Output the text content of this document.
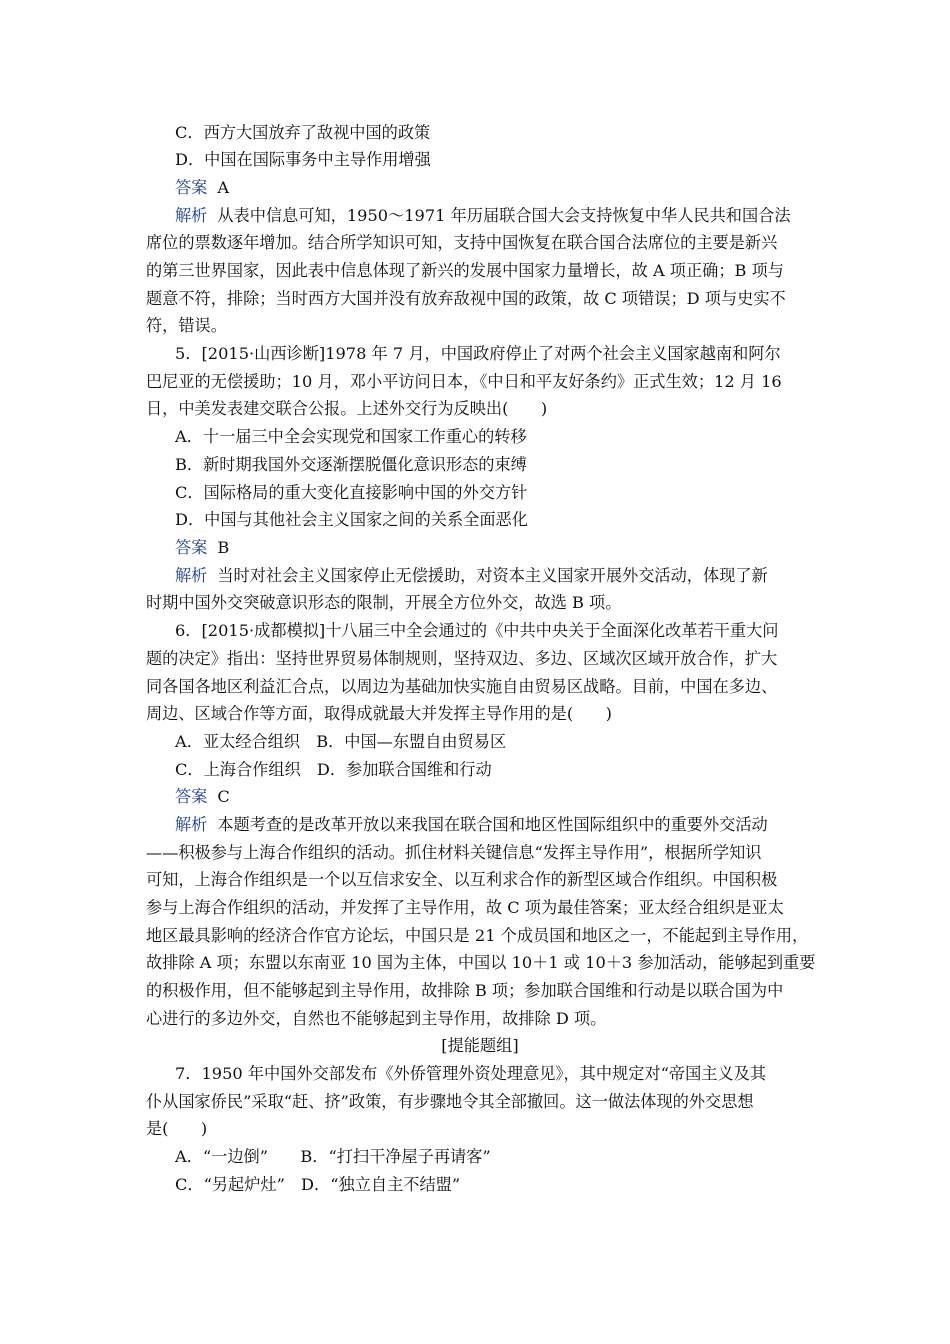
C．西方大国放弃了敌视中国的政策
D．中国在国际事务中主导作用增强
答案 A
解析 从表中信息可知，1950～1971 年历届联合国大会支持恢复中华人民共和国合法
席位的票数逐年增加。结合所学知识可知，支持中国恢复在联合国合法席位的主要是新兴
的第三世界国家，因此表中信息体现了新兴的发展中国家力量增长，故 A 项正确；B 项与
题意不符，排除；当时西方大国并没有放弃敌视中国的政策，故 C 项错误；D 项与史实不
符，错误。
5．[2015·山西诊断]1978 年 7 月，中国政府停止了对两个社会主义国家越南和阿尔
巴尼亚的无偿援助；10 月，邓小平访问日本，《中日和平友好条约》正式生效；12 月 16
日，中美发表建交联合公报。上述外交行为反映出(　　)
A．十一届三中全会实现党和国家工作重心的转移
B．新时期我国外交逐渐摆脱僵化意识形态的束缚
C．国际格局的重大变化直接影响中国的外交方针
D．中国与其他社会主义国家之间的关系全面恶化
答案 B
解析 当时对社会主义国家停止无偿援助，对资本主义国家开展外交活动，体现了新
时期中国外交突破意识形态的限制，开展全方位外交，故选 B 项。
6．[2015·成都模拟]十八届三中全会通过的《中共中央关于全面深化改革若干重大问
题的决定》指出：坚持世界贸易体制规则，坚持双边、多边、区域次区域开放合作，扩大
同各国各地区利益汇合点，以周边为基础加快实施自由贸易区战略。目前，中国在多边、
周边、区域合作等方面，取得成就最大并发挥主导作用的是(　　)
A．亚太经合组织　B．中国—东盟自由贸易区
C．上海合作组织　D．参加联合国维和行动
答案 C
解析 本题考查的是改革开放以来我国在联合国和地区性国际组织中的重要外交活动
——积极参与上海合作组织的活动。抓住材料关键信息“发挥主导作用”，根据所学知识
可知，上海合作组织是一个以互信求安全、以互利求合作的新型区域合作组织。中国积极
参与上海合作组织的活动，并发挥了主导作用，故 C 项为最佳答案；亚太经合组织是亚太
地区最具影响的经济合作官方论坛，中国只是 21 个成员国和地区之一，不能起到主导作用，
故排除 A 项；东盟以东南亚 10 国为主体，中国以 10＋1 或 10＋3 参加活动，能够起到重要
的积极作用，但不能够起到主导作用，故排除 B 项；参加联合国维和行动是以联合国为中
心进行的多边外交，自然也不能够起到主导作用，故排除 D 项。
[提能题组]
7．1950 年中国外交部发布《外侨管理外资处理意见》，其中规定对“帝国主义及其
仆从国家侨民”采取“赶、挤”政策，有步骤地令其全部撤回。这一做法体现的外交思想
是(　　)
A．“一边倒”　　B．“打扫干净屋子再请客”
C．“另起炉灶”　D．“独立自主不结盟”
